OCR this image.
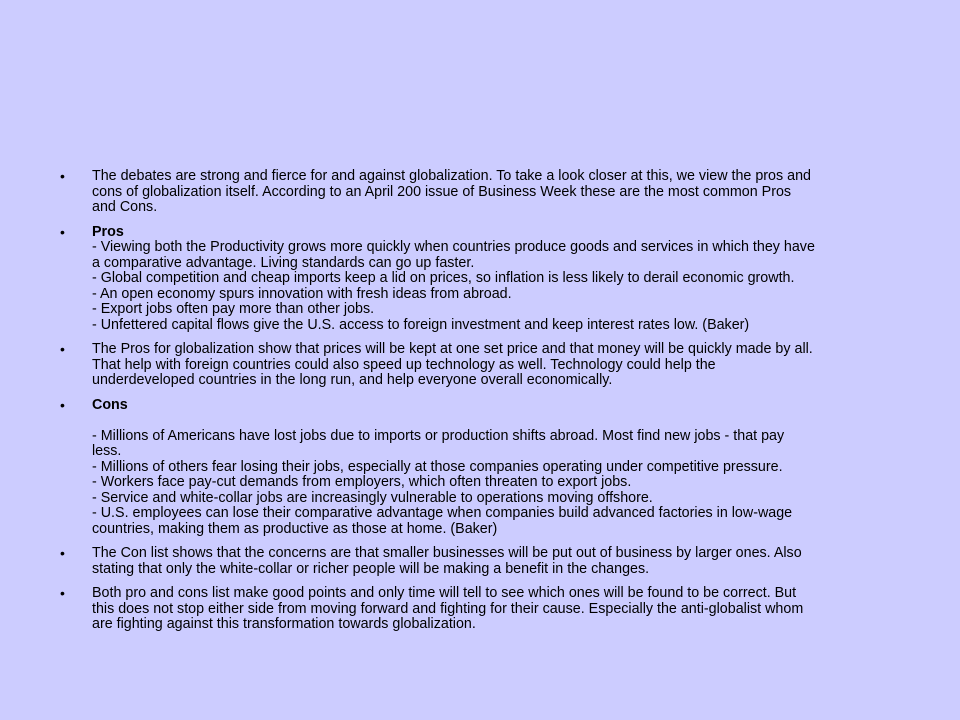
• The debates are strong and fierce for and against globalization. To take a look closer at this, we view the pros and
cons of globalization itself. According to an April 200 issue of Business Week these are the most common Pros
and Cons.
• Pros
- Viewing both the Productivity grows more quickly when countries produce goods and services in which they have
a comparative advantage. Living standards can go up faster.
- Global competition and cheap imports keep a lid on prices, so inflation is less likely to derail economic growth.
- An open economy spurs innovation with fresh ideas from abroad.
- Export jobs often pay more than other jobs.
- Unfettered capital flows give the U.S. access to foreign investment and keep interest rates low. (Baker)
• The Pros for globalization show that prices will be kept at one set price and that money will be quickly made by all.
That help with foreign countries could also speed up technology as well. Technology could help the
underdeveloped countries in the long run, and help everyone overall economically.
• Cons
- Millions of Americans have lost jobs due to imports or production shifts abroad. Most find new jobs - that pay
less.
- Millions of others fear losing their jobs, especially at those companies operating under competitive pressure.
- Workers face pay-cut demands from employers, which often threaten to export jobs.
- Service and white-collar jobs are increasingly vulnerable to operations moving offshore.
- U.S. employees can lose their comparative advantage when companies build advanced factories in low-wage
countries, making them as productive as those at home. (Baker)
• The Con list shows that the concerns are that smaller businesses will be put out of business by larger ones. Also
stating that only the white-collar or richer people will be making a benefit in the changes.
• Both pro and cons list make good points and only time will tell to see which ones will be found to be correct. But
this does not stop either side from moving forward and fighting for their cause. Especially the anti-globalist whom
are fighting against this transformation towards globalization.
